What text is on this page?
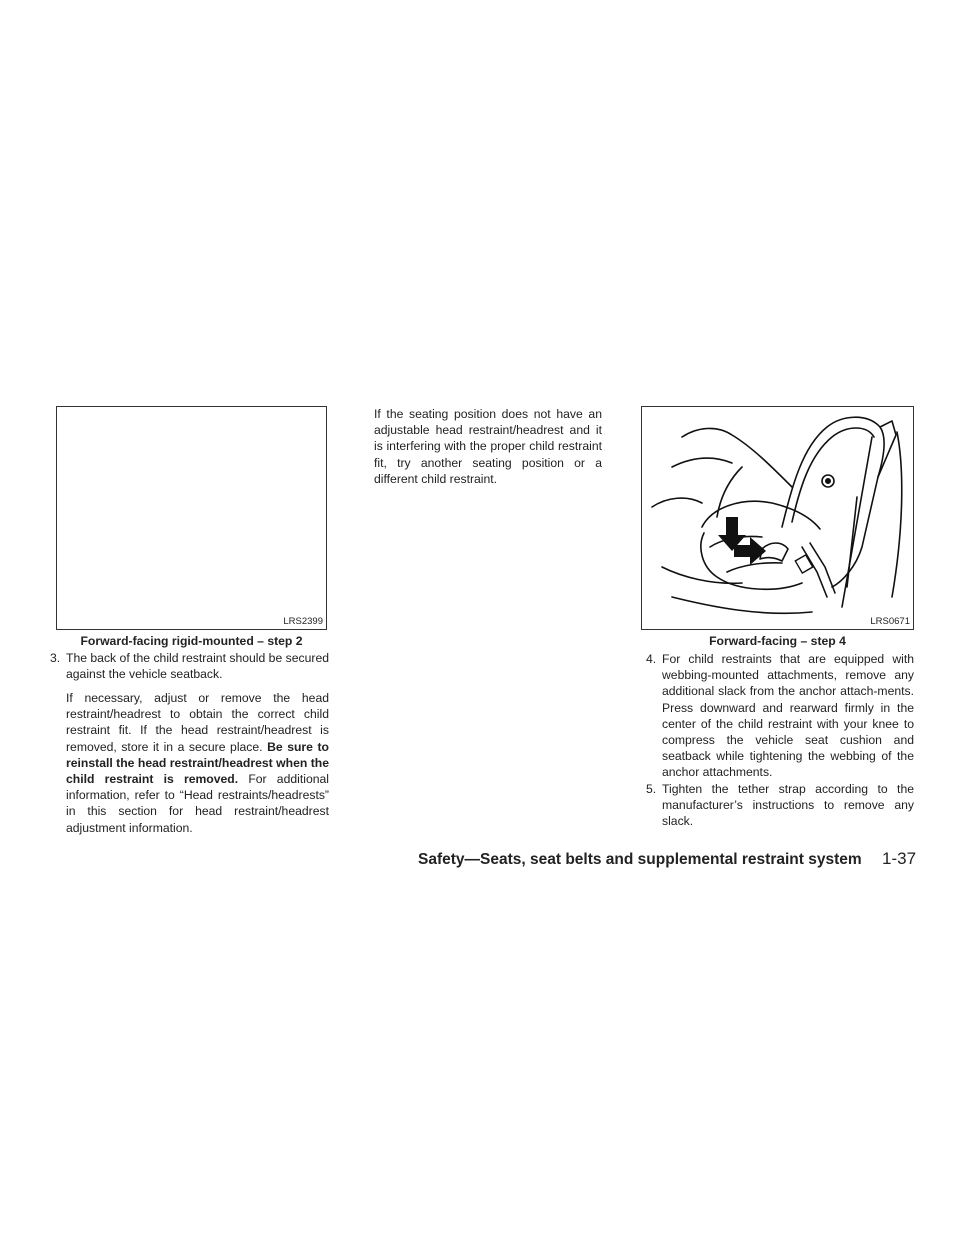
LRS2399
Forward-facing rigid-mounted – step 2
3. The back of the child restraint should be secured against the vehicle seatback.
If necessary, adjust or remove the head restraint/headrest to obtain the correct child restraint fit. If the head restraint/headrest is removed, store it in a secure place. Be sure to reinstall the head restraint/headrest when the child restraint is removed. For additional information, refer to “Head restraints/headrests” in this section for head restraint/headrest adjustment information.

If the seating position does not have an adjustable head restraint/headrest and it is interfering with the proper child restraint fit, try another seating position or a different child restraint.

LRS0671
Forward-facing – step 4
4. For child restraints that are equipped with webbing-mounted attachments, remove any additional slack from the anchor attach-ments. Press downward and rearward firmly in the center of the child restraint with your knee to compress the vehicle seat cushion and seatback while tightening the webbing of the anchor attachments.
5. Tighten the tether strap according to the manufacturer’s instructions to remove any slack.
Safety—Seats, seat belts and supplemental restraint system 1-37
